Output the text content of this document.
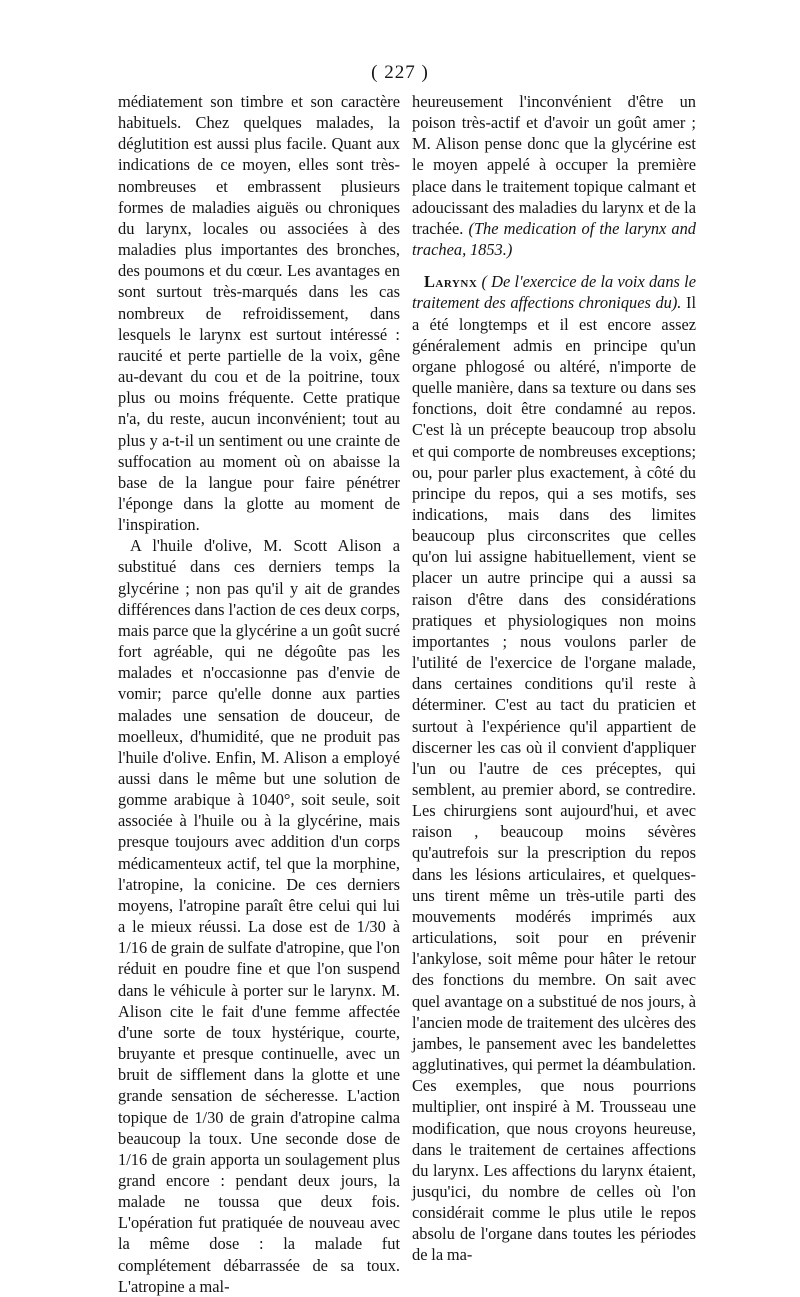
( 227 )

médiatement son timbre et son caractère habituels. Chez quelques malades, la déglutition est aussi plus facile. Quant aux indications de ce moyen, elles sont très-nombreuses et embrassent plusieurs formes de maladies aiguës ou chroniques du larynx, locales ou associées à des maladies plus importantes des bronches, des poumons et du cœur. Les avantages en sont surtout très-marqués dans les cas nombreux de refroidissement, dans lesquels le larynx est surtout intéressé : raucité et perte partielle de la voix, gêne au-devant du cou et de la poitrine, toux plus ou moins fréquente. Cette pratique n'a, du reste, aucun inconvénient; tout au plus y a-t-il un sentiment ou une crainte de suffocation au moment où on abaisse la base de la langue pour faire pénétrer l'éponge dans la glotte au moment de l'inspiration.

A l'huile d'olive, M. Scott Alison a substitué dans ces derniers temps la glycérine ; non pas qu'il y ait de grandes différences dans l'action de ces deux corps, mais parce que la glycérine a un goût sucré fort agréable, qui ne dégoûte pas les malades et n'occasionne pas d'envie de vomir; parce qu'elle donne aux parties malades une sensation de douceur, de moelleux, d'humidité, que ne produit pas l'huile d'olive. Enfin, M. Alison a employé aussi dans le même but une solution de gomme arabique à 1040°, soit seule, soit associée à l'huile ou à la glycérine, mais presque toujours avec addition d'un corps médicamenteux actif, tel que la morphine, l'atropine, la conicine. De ces derniers moyens, l'atropine paraît être celui qui lui a le mieux réussi. La dose est de 1/30 à 1/16 de grain de sulfate d'atropine, que l'on réduit en poudre fine et que l'on suspend dans le véhicule à porter sur le larynx. M. Alison cite le fait d'une femme affectée d'une sorte de toux hystérique, courte, bruyante et presque continuelle, avec un bruit de sifflement dans la glotte et une grande sensation de sécheresse. L'action topique de 1/30 de grain d'atropine calma beaucoup la toux. Une seconde dose de 1/16 de grain apporta un soulagement plus grand encore : pendant deux jours, la malade ne toussa que deux fois. L'opération fut pratiquée de nouveau avec la même dose : la malade fut complétement débarrassée de sa toux. L'atropine a mal-

heureusement l'inconvénient d'être un poison très-actif et d'avoir un goût amer ; M. Alison pense donc que la glycérine est le moyen appelé à occuper la première place dans le traitement topique calmant et adoucissant des maladies du larynx et de la trachée. (The medication of the larynx and trachea, 1853.)

Larynx ( De l'exercice de la voix dans le traitement des affections chroniques du). Il a été longtemps et il est encore assez généralement admis en principe qu'un organe phlogosé ou altéré, n'importe de quelle manière, dans sa texture ou dans ses fonctions, doit être condamné au repos. C'est là un précepte beaucoup trop absolu et qui comporte de nombreuses exceptions; ou, pour parler plus exactement, à côté du principe du repos, qui a ses motifs, ses indications, mais dans des limites beaucoup plus circonscrites que celles qu'on lui assigne habituellement, vient se placer un autre principe qui a aussi sa raison d'être dans des considérations pratiques et physiologiques non moins importantes ; nous voulons parler de l'utilité de l'exercice de l'organe malade, dans certaines conditions qu'il reste à déterminer. C'est au tact du praticien et surtout à l'expérience qu'il appartient de discerner les cas où il convient d'appliquer l'un ou l'autre de ces préceptes, qui semblent, au premier abord, se contredire. Les chirurgiens sont aujourd'hui, et avec raison , beaucoup moins sévères qu'autrefois sur la prescription du repos dans les lésions articulaires, et quelques-uns tirent même un très-utile parti des mouvements modérés imprimés aux articulations, soit pour en prévenir l'ankylose, soit même pour hâter le retour des fonctions du membre. On sait avec quel avantage on a substitué de nos jours, à l'ancien mode de traitement des ulcères des jambes, le pansement avec les bandelettes agglutinatives, qui permet la déambulation. Ces exemples, que nous pourrions multiplier, ont inspiré à M. Trousseau une modification, que nous croyons heureuse, dans le traitement de certaines affections du larynx. Les affections du larynx étaient, jusqu'ici, du nombre de celles où l'on considérait comme le plus utile le repos absolu de l'organe dans toutes les périodes de la ma-
